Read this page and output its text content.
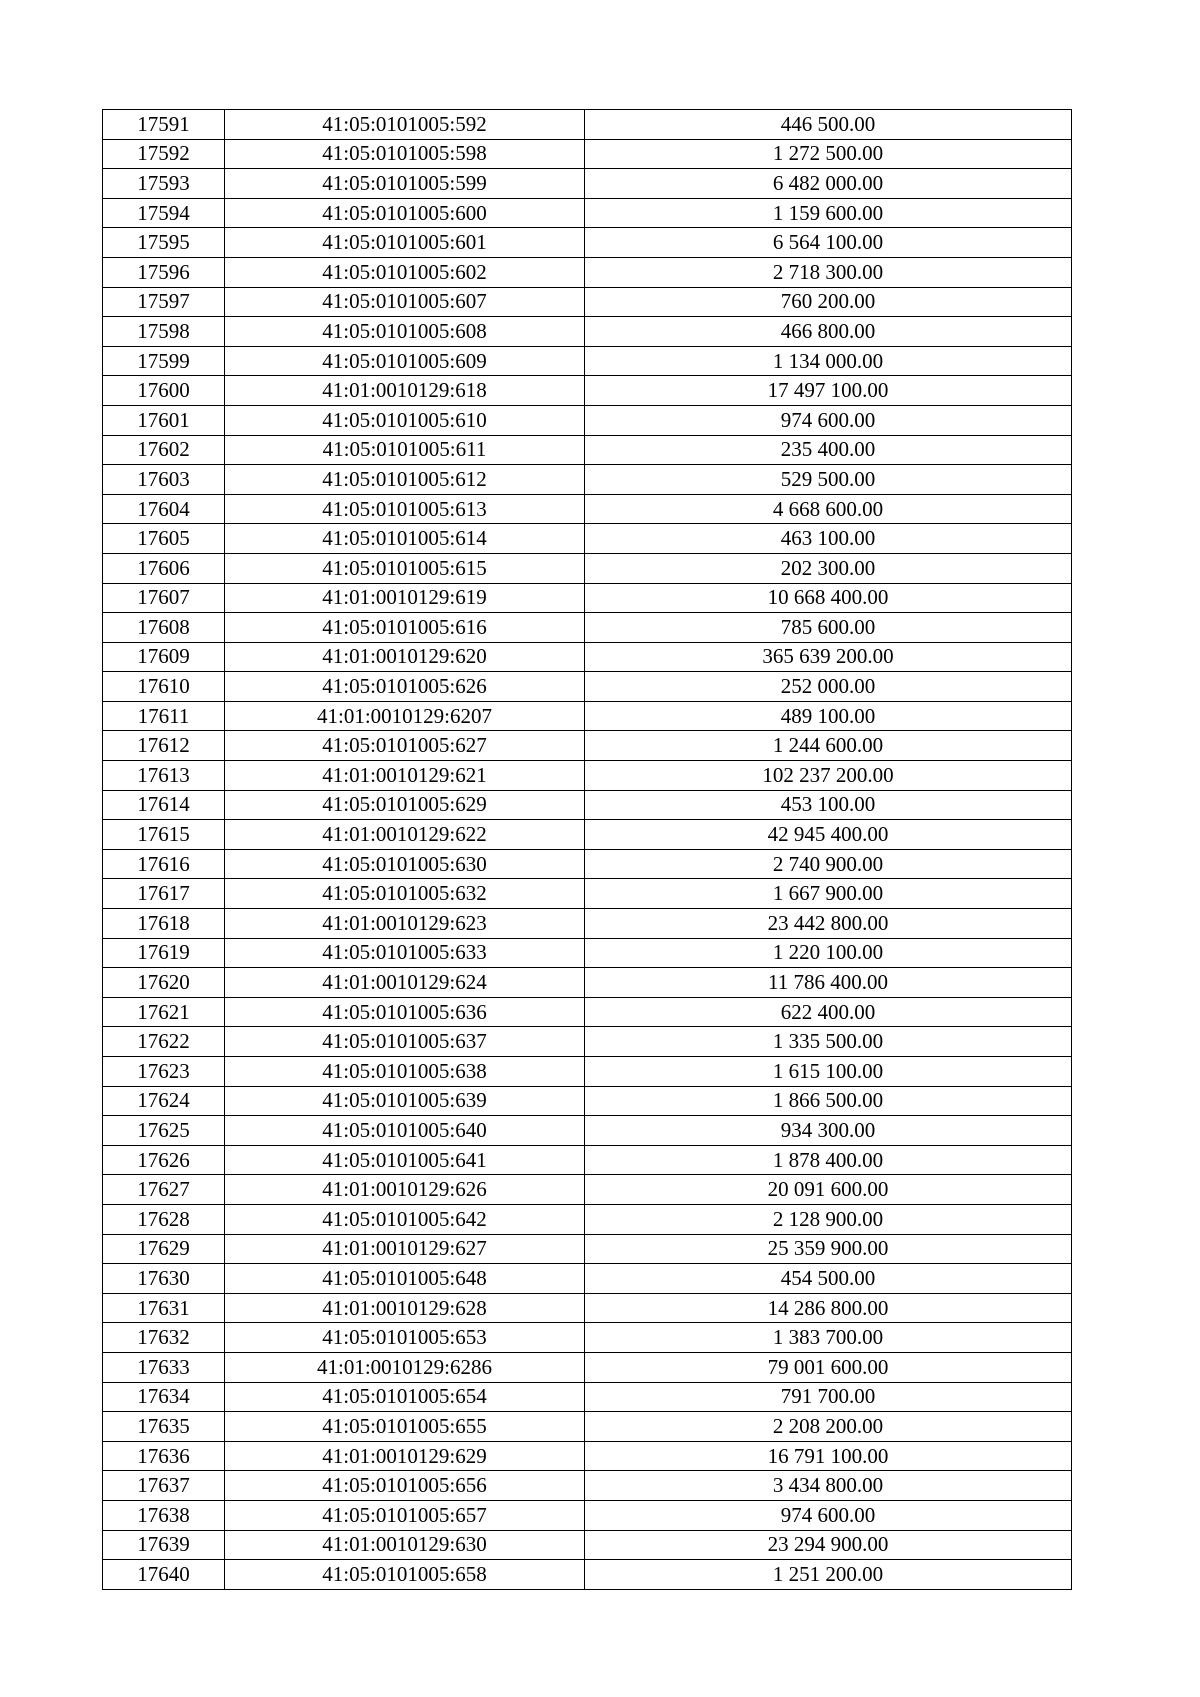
17591	41:05:0101005:592	446 500.00
17592	41:05:0101005:598	1 272 500.00
17593	41:05:0101005:599	6 482 000.00
17594	41:05:0101005:600	1 159 600.00
17595	41:05:0101005:601	6 564 100.00
17596	41:05:0101005:602	2 718 300.00
17597	41:05:0101005:607	760 200.00
17598	41:05:0101005:608	466 800.00
17599	41:05:0101005:609	1 134 000.00
17600	41:01:0010129:618	17 497 100.00
17601	41:05:0101005:610	974 600.00
17602	41:05:0101005:611	235 400.00
17603	41:05:0101005:612	529 500.00
17604	41:05:0101005:613	4 668 600.00
17605	41:05:0101005:614	463 100.00
17606	41:05:0101005:615	202 300.00
17607	41:01:0010129:619	10 668 400.00
17608	41:05:0101005:616	785 600.00
17609	41:01:0010129:620	365 639 200.00
17610	41:05:0101005:626	252 000.00
17611	41:01:0010129:6207	489 100.00
17612	41:05:0101005:627	1 244 600.00
17613	41:01:0010129:621	102 237 200.00
17614	41:05:0101005:629	453 100.00
17615	41:01:0010129:622	42 945 400.00
17616	41:05:0101005:630	2 740 900.00
17617	41:05:0101005:632	1 667 900.00
17618	41:01:0010129:623	23 442 800.00
17619	41:05:0101005:633	1 220 100.00
17620	41:01:0010129:624	11 786 400.00
17621	41:05:0101005:636	622 400.00
17622	41:05:0101005:637	1 335 500.00
17623	41:05:0101005:638	1 615 100.00
17624	41:05:0101005:639	1 866 500.00
17625	41:05:0101005:640	934 300.00
17626	41:05:0101005:641	1 878 400.00
17627	41:01:0010129:626	20 091 600.00
17628	41:05:0101005:642	2 128 900.00
17629	41:01:0010129:627	25 359 900.00
17630	41:05:0101005:648	454 500.00
17631	41:01:0010129:628	14 286 800.00
17632	41:05:0101005:653	1 383 700.00
17633	41:01:0010129:6286	79 001 600.00
17634	41:05:0101005:654	791 700.00
17635	41:05:0101005:655	2 208 200.00
17636	41:01:0010129:629	16 791 100.00
17637	41:05:0101005:656	3 434 800.00
17638	41:05:0101005:657	974 600.00
17639	41:01:0010129:630	23 294 900.00
17640	41:05:0101005:658	1 251 200.00
